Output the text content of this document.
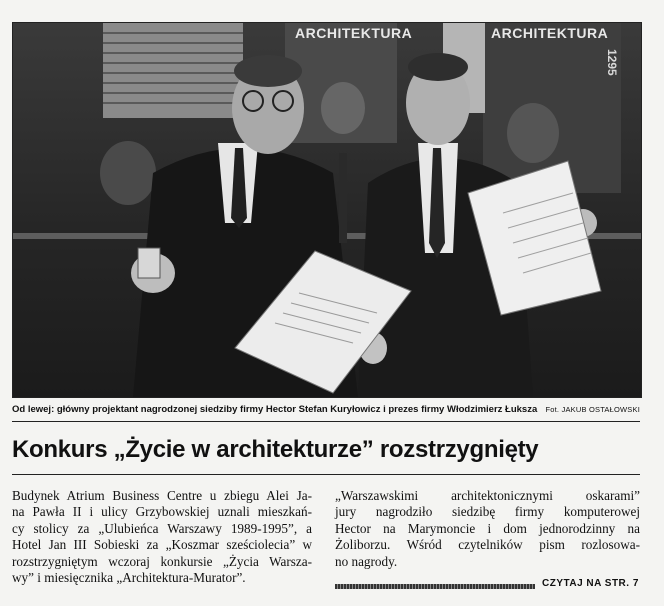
ARCHITEKTURA	ARCHITEKTURA
1295
Od lewej: główny projektant nagrodzonej siedziby firmy Hector Stefan Kuryłowicz i prezes firmy Włodzimierz Łuksza Fot. JAKUB OSTAŁOWSKI
Konkurs „Życie w architekturze” rozstrzygnięty
Budynek Atrium Business Centre u zbiegu Alei Ja-
na Pawła II i ulicy Grzybowskiej uznali mieszkań-
cy stolicy za „Ulubieńca Warszawy 1989-1995”, a
Hotel Jan III Sobieski za „Koszmar sześciolecia” w
rozstrzygniętym wczoraj konkursie „Życia Warsza-
wy” i miesięcznika „Architektura-Murator”.
„Warszawskimi architektonicznymi oskarami”
jury nagrodziło siedzibę firmy komputerowej
Hector na Marymoncie i dom jednorodzinny na
Żoliborzu. Wśród czytelników pism rozlosowa-
no nagrody.
CZYTAJ NA STR. 7
